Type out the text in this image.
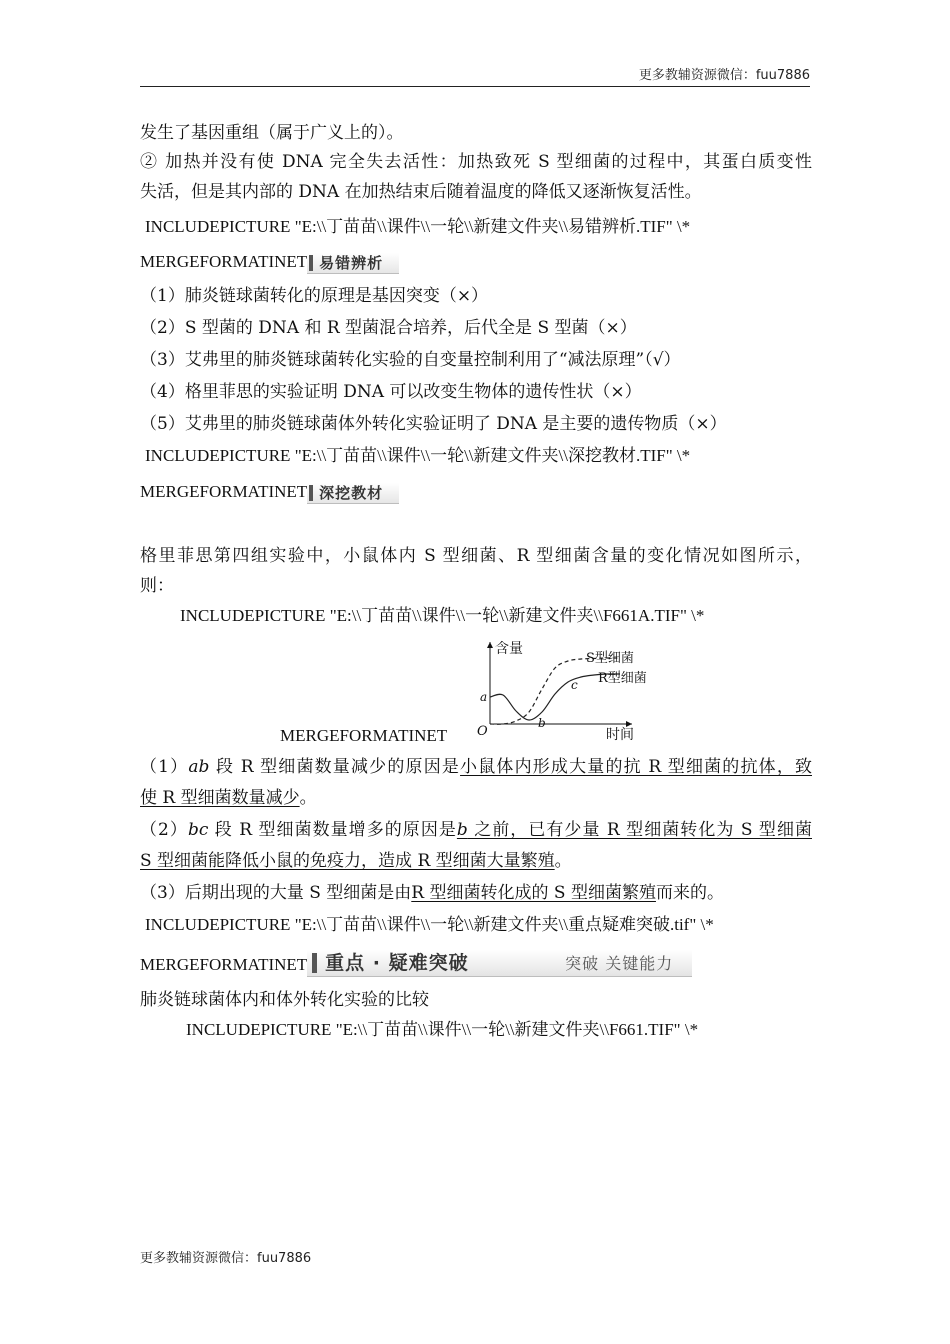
更多教辅资源微信：fuu7886
发生了基因重组（属于广义上的）。
② 加热并没有使 DNA 完全失去活性：加热致死 S 型细菌的过程中，其蛋白质变性
失活，但是其内部的 DNA 在加热结束后随着温度的降低又逐渐恢复活性。
INCLUDEPICTURE "E:\\丁苗苗\\课件\\一轮\\新建文件夹\\易错辨析.TIF" \*
MERGEFORMATINET 易错辨析
（1）肺炎链球菌转化的原理是基因突变（×）
（2）S 型菌的 DNA 和 R 型菌混合培养，后代全是 S 型菌（×）
（3）艾弗里的肺炎链球菌转化实验的自变量控制利用了“减法原理”（√）
（4）格里菲思的实验证明 DNA 可以改变生物体的遗传性状（×）
（5）艾弗里的肺炎链球菌体外转化实验证明了 DNA 是主要的遗传物质（×）
INCLUDEPICTURE "E:\\丁苗苗\\课件\\一轮\\新建文件夹\\深挖教材.TIF" \*
MERGEFORMATINET 深挖教材
格里菲思第四组实验中，小鼠体内 S 型细菌、R 型细菌含量的变化情况如图所示，
则：
INCLUDEPICTURE "E:\\丁苗苗\\课件\\一轮\\新建文件夹\\F661A.TIF" \*
含量
时间
O
S型细菌
R型细菌
a
b
c
MERGEFORMATINET
（1）ab 段 R 型细菌数量减少的原因是小鼠体内形成大量的抗 R 型细菌的抗体，致
使 R 型细菌数量减少。
（2）bc 段 R 型细菌数量增多的原因是b 之前，已有少量 R 型细菌转化为 S 型细菌
S 型细菌能降低小鼠的免疫力，造成 R 型细菌大量繁殖。
（3）后期出现的大量 S 型细菌是由R 型细菌转化成的 S 型细菌繁殖而来的。
INCLUDEPICTURE "E:\\丁苗苗\\课件\\一轮\\新建文件夹\\重点疑难突破.tif" \*
MERGEFORMATINET 重点 · 疑难突破	突破 关键能力
肺炎链球菌体内和体外转化实验的比较
INCLUDEPICTURE "E:\\丁苗苗\\课件\\一轮\\新建文件夹\\F661.TIF" \*
更多教辅资源微信：fuu7886
